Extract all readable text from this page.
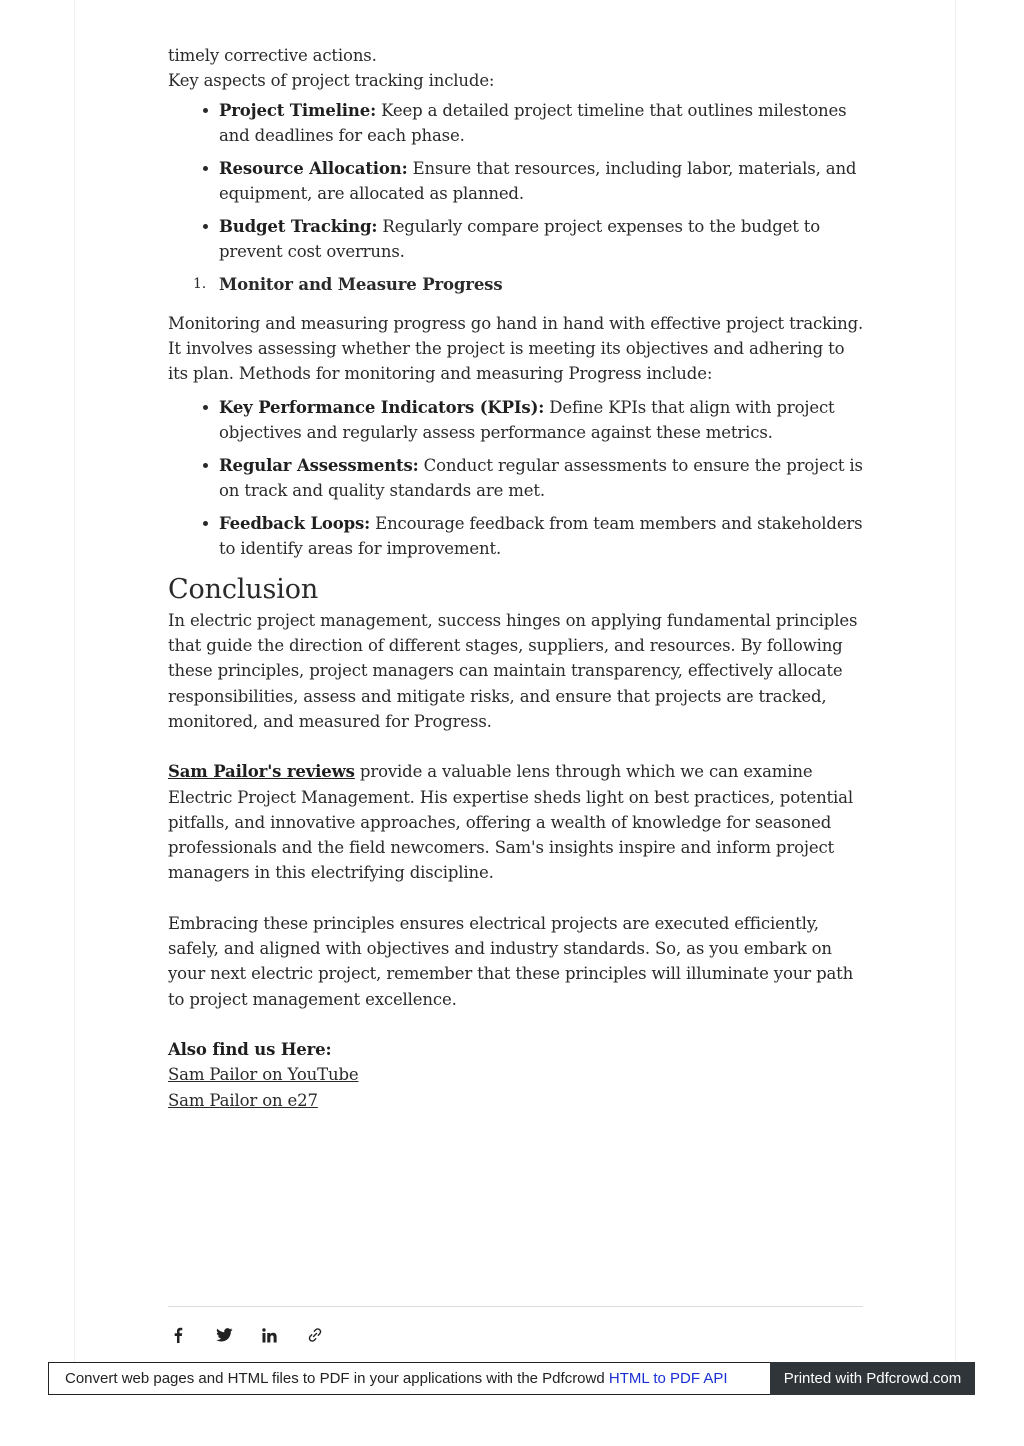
timely corrective actions.

Key aspects of project tracking include:

Project Timeline: Keep a detailed project timeline that outlines milestones and deadlines for each phase.
Resource Allocation: Ensure that resources, including labor, materials, and equipment, are allocated as planned.
Budget Tracking: Regularly compare project expenses to the budget to prevent cost overruns.
1. Monitor and Measure Progress

Monitoring and measuring progress go hand in hand with effective project tracking. It involves assessing whether the project is meeting its objectives and adhering to its plan. Methods for monitoring and measuring Progress include:

Key Performance Indicators (KPIs): Define KPIs that align with project objectives and regularly assess performance against these metrics.
Regular Assessments: Conduct regular assessments to ensure the project is on track and quality standards are met.
Feedback Loops: Encourage feedback from team members and stakeholders to identify areas for improvement.
Conclusion

In electric project management, success hinges on applying fundamental principles that guide the direction of different stages, suppliers, and resources. By following these principles, project managers can maintain transparency, effectively allocate responsibilities, assess and mitigate risks, and ensure that projects are tracked, monitored, and measured for Progress.

Sam Pailor's reviews provide a valuable lens through which we can examine Electric Project Management. His expertise sheds light on best practices, potential pitfalls, and innovative approaches, offering a wealth of knowledge for seasoned professionals and the field newcomers. Sam's insights inspire and inform project managers in this electrifying discipline.

Embracing these principles ensures electrical projects are executed efficiently, safely, and aligned with objectives and industry standards. So, as you embark on your next electric project, remember that these principles will illuminate your path to project management excellence.

Also find us Here:

Sam Pailor on YouTube

Sam Pailor on e27

Convert web pages and HTML files to PDF in your applications with the Pdfcrowd HTML to PDF API	Printed with Pdfcrowd.com
